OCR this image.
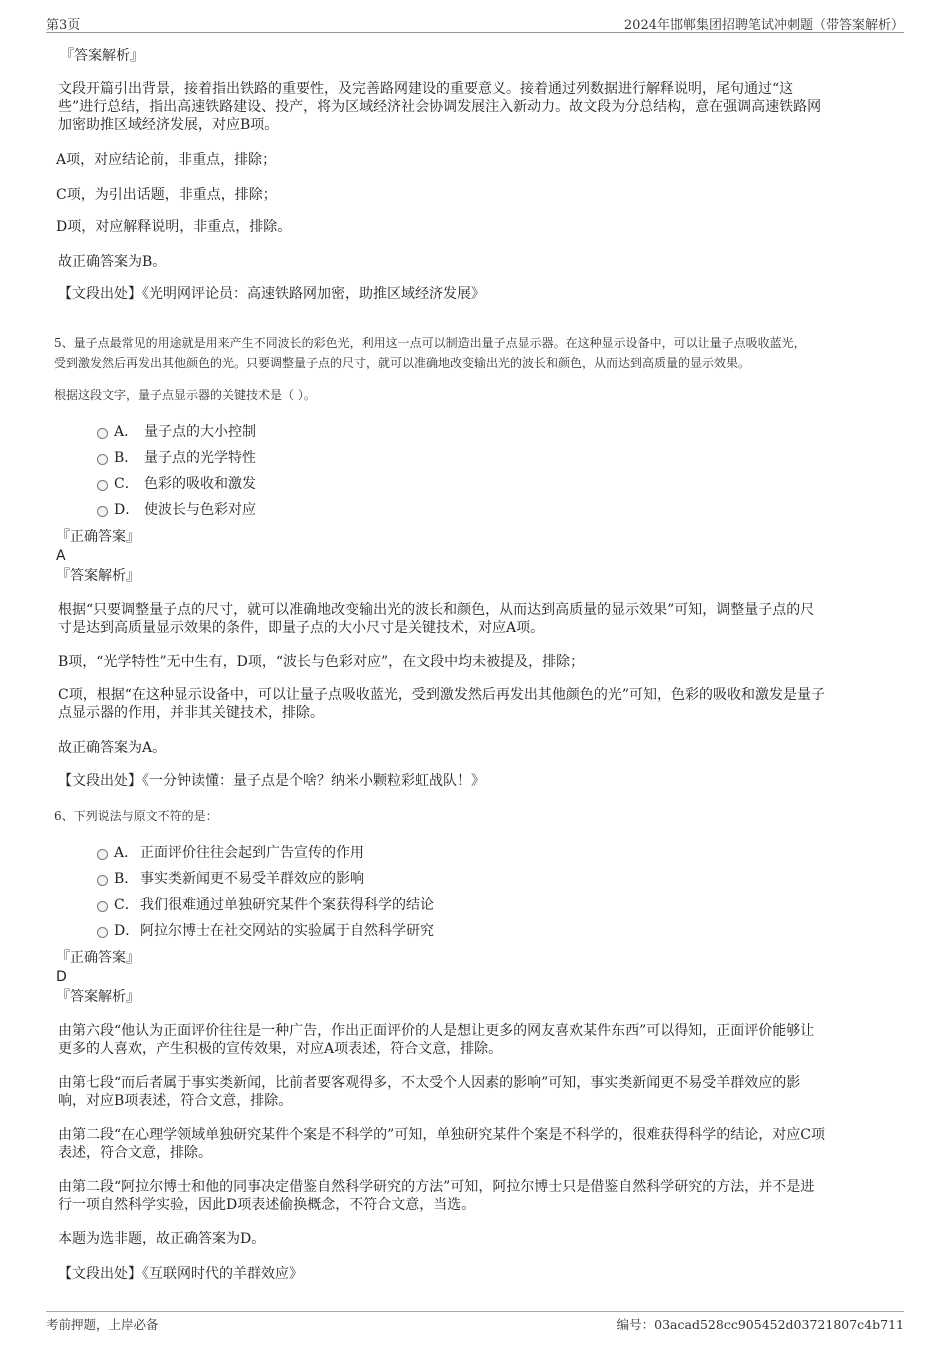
第3页	2024年邯郸集团招聘笔试冲刺题（带答案解析）

『答案解析』

文段开篇引出背景，接着指出铁路的重要性，及完善路网建设的重要意义。接着通过列数据进行解释说明，尾句通过“这

些”进行总结，指出高速铁路建设、投产，将为区域经济社会协调发展注入新动力。故文段为分总结构，意在强调高速铁路网

加密助推区域经济发展，对应B项。

A项，对应结论前，非重点，排除；

C项，为引出话题，非重点，排除；

D项，对应解释说明，非重点，排除。

故正确答案为B。

【文段出处】《光明网评论员：高速铁路网加密，助推区域经济发展》

5、量子点最常见的用途就是用来产生不同波长的彩色光，利用这一点可以制造出量子点显示器。在这种显示设备中，可以让量子点吸收蓝光，

受到激发然后再发出其他颜色的光。只要调整量子点的尺寸，就可以准确地改变输出光的波长和颜色，从而达到高质量的显示效果。

根据这段文字，量子点显示器的关键技术是（ ）。

A． 量子点的大小控制
B． 量子点的光学特性
C． 色彩的吸收和激发
D． 使波长与色彩对应

『正确答案』

A

『答案解析』

根据“只要调整量子点的尺寸，就可以准确地改变输出光的波长和颜色，从而达到高质量的显示效果”可知，调整量子点的尺

寸是达到高质量显示效果的条件，即量子点的大小尺寸是关键技术，对应A项。

B项，“光学特性”无中生有，D项，“波长与色彩对应”，在文段中均未被提及，排除；

C项，根据“在这种显示设备中，可以让量子点吸收蓝光，受到激发然后再发出其他颜色的光”可知，色彩的吸收和激发是量子

点显示器的作用，并非其关键技术，排除。

故正确答案为A。

【文段出处】《一分钟读懂：量子点是个啥？纳米小颗粒彩虹战队！》

6、下列说法与原文不符的是：

A． 正面评价往往会起到广告宣传的作用
B． 事实类新闻更不易受羊群效应的影响
C． 我们很难通过单独研究某件个案获得科学的结论
D． 阿拉尔博士在社交网站的实验属于自然科学研究

『正确答案』

D

『答案解析』

由第六段“他认为正面评价往往是一种广告，作出正面评价的人是想让更多的网友喜欢某件东西”可以得知，正面评价能够让

更多的人喜欢，产生积极的宣传效果，对应A项表述，符合文意，排除。

由第七段“而后者属于事实类新闻，比前者要客观得多，不太受个人因素的影响”可知，事实类新闻更不易受羊群效应的影

响，对应B项表述，符合文意，排除。

由第二段“在心理学领域单独研究某件个案是不科学的”可知，单独研究某件个案是不科学的，很难获得科学的结论，对应C项

表述，符合文意，排除。

由第二段“阿拉尔博士和他的同事决定借鉴自然科学研究的方法”可知，阿拉尔博士只是借鉴自然科学研究的方法，并不是进

行一项自然科学实验，因此D项表述偷换概念，不符合文意，当选。

本题为选非题，故正确答案为D。

【文段出处】《互联网时代的羊群效应》

考前押题，上岸必备	编号：03acad528cc905452d03721807c4b711
